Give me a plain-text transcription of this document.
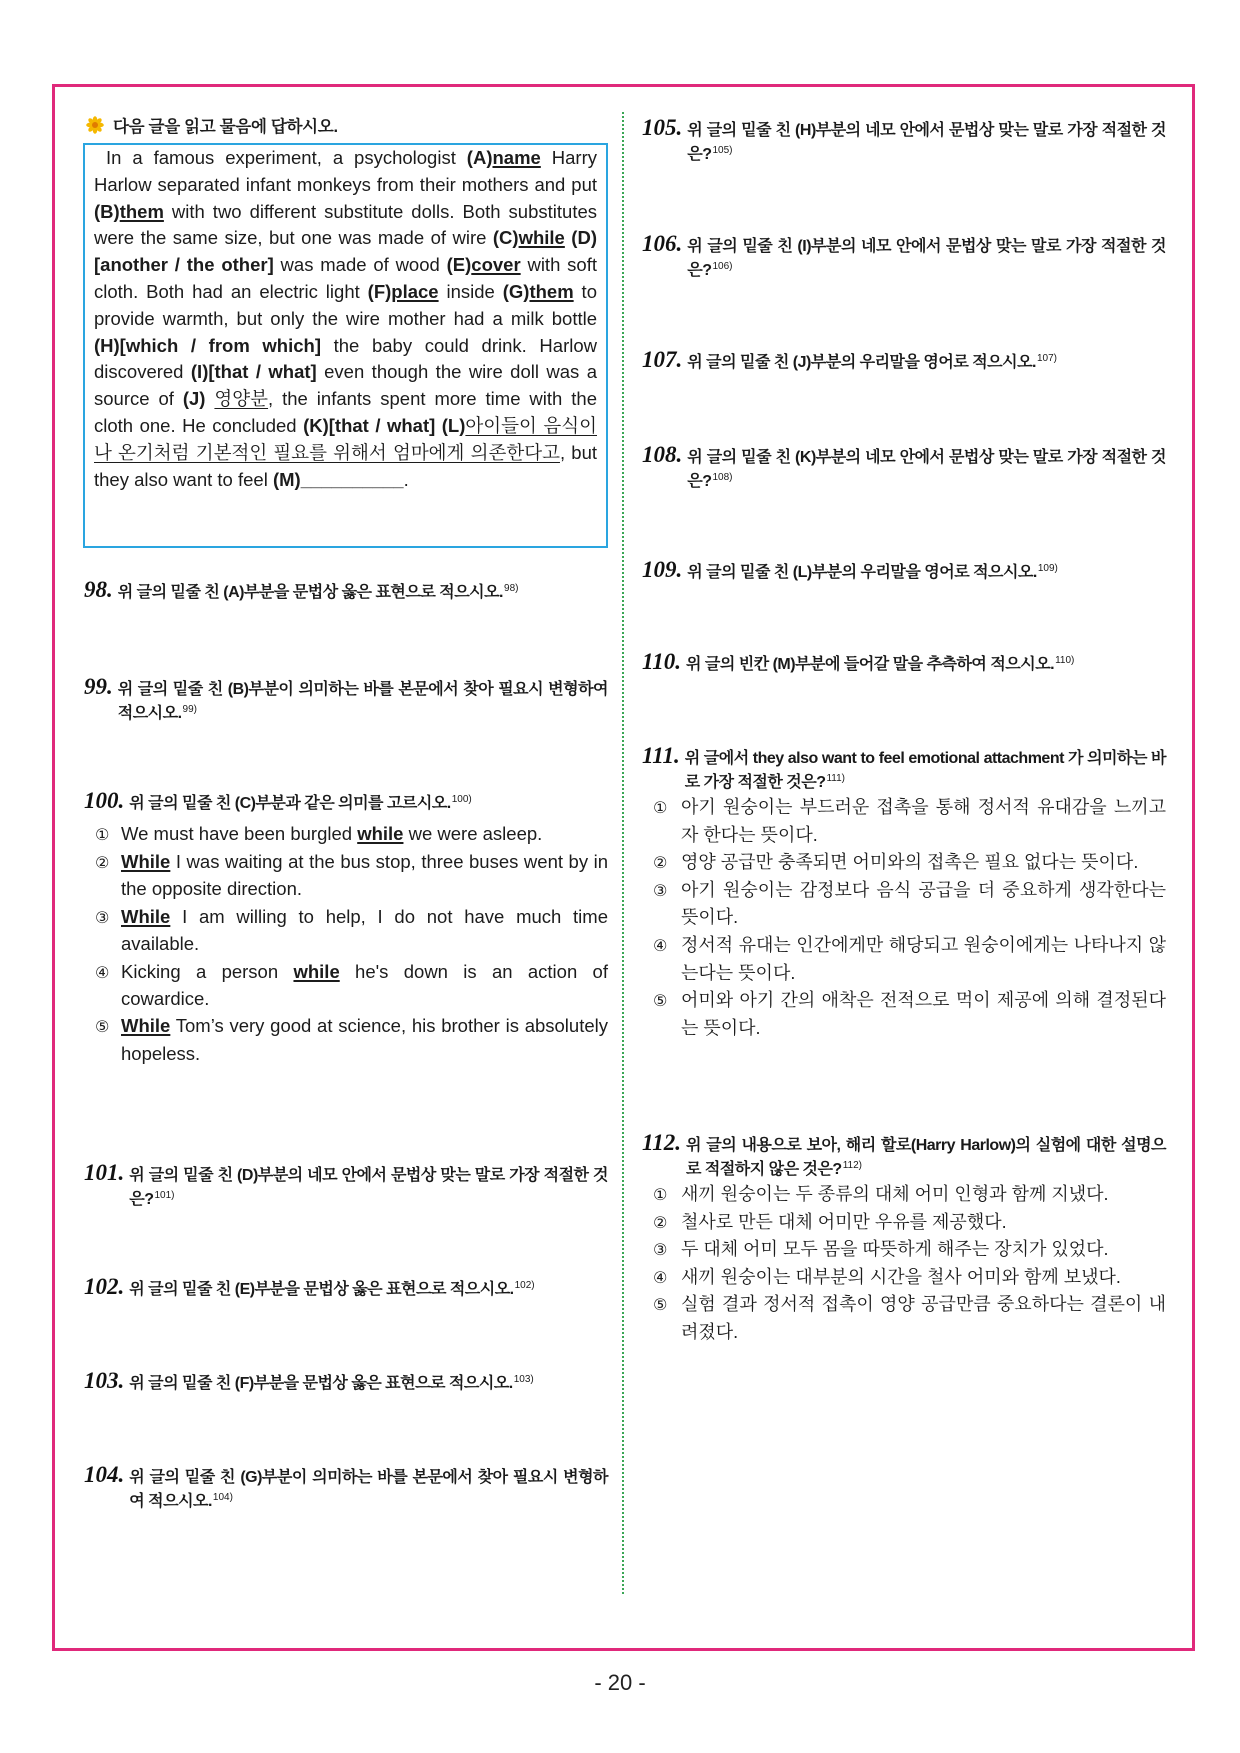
다음 글을 읽고 물음에 답하시오.
In a famous experiment, a psychologist (A)name Harry Harlow separated infant monkeys from their mothers and put (B)them with two different substitute dolls. Both substitutes were the same size, but one was made of wire (C)while (D)[another / the other] was made of wood (E)cover with soft cloth. Both had an electric light (F)place inside (G)them to provide warmth, but only the wire mother had a milk bottle (H)[which / from which] the baby could drink. Harlow discovered (I)[that / what] even though the wire doll was a source of (J) 영양분, the infants spent more time with the cloth one. He concluded (K)[that / what] (L)아이들이 음식이나 온기처럼 기본적인 필요를 위해서 엄마에게 의존한다고, but they also want to feel (M)__________.
98. 위 글의 밑줄 친 (A)부분을 문법상 옳은 표현으로 적으시오.$^{98)}$
99. 위 글의 밑줄 친 (B)부분이 의미하는 바를 본문에서 찾아 필요시 변형하여 적으시오.$^{99)}$
100. 위 글의 밑줄 친 (C)부분과 같은 의미를 고르시오.$^{100)}$
① We must have been burgled while we were asleep.
② While I was waiting at the bus stop, three buses went by in the opposite direction.
③ While I am willing to help, I do not have much time available.
④ Kicking a person while he's down is an action of cowardice.
⑤ While Tom’s very good at science, his brother is absolutely hopeless.
101. 위 글의 밑줄 친 (D)부분의 네모 안에서 문법상 맞는 말로 가장 적절한 것은?$^{101)}$
102. 위 글의 밑줄 친 (E)부분을 문법상 옳은 표현으로 적으시오.$^{102)}$
103. 위 글의 밑줄 친 (F)부분을 문법상 옳은 표현으로 적으시오.$^{103)}$
104. 위 글의 밑줄 친 (G)부분이 의미하는 바를 본문에서 찾아 필요시 변형하여 적으시오.$^{104)}$
105. 위 글의 밑줄 친 (H)부분의 네모 안에서 문법상 맞는 말로 가장 적절한 것은?$^{105)}$
106. 위 글의 밑줄 친 (I)부분의 네모 안에서 문법상 맞는 말로 가장 적절한 것은?$^{106)}$
107. 위 글의 밑줄 친 (J)부분의 우리말을 영어로 적으시오.$^{107)}$
108. 위 글의 밑줄 친 (K)부분의 네모 안에서 문법상 맞는 말로 가장 적절한 것은?$^{108)}$
109. 위 글의 밑줄 친 (L)부분의 우리말을 영어로 적으시오.$^{109)}$
110. 위 글의 빈칸 (M)부분에 들어갈 말을 추측하여 적으시오.$^{110)}$
111. 위 글에서 they also want to feel emotional attachment 가 의미하는 바로 가장 적절한 것은?$^{111)}$
① 아기 원숭이는 부드러운 접촉을 통해 정서적 유대감을 느끼고자 한다는 뜻이다.
② 영양 공급만 충족되면 어미와의 접촉은 필요 없다는 뜻이다.
③ 아기 원숭이는 감정보다 음식 공급을 더 중요하게 생각한다는 뜻이다.
④ 정서적 유대는 인간에게만 해당되고 원숭이에게는 나타나지 않는다는 뜻이다.
⑤ 어미와 아기 간의 애착은 전적으로 먹이 제공에 의해 결정된다는 뜻이다.
112. 위 글의 내용으로 보아, 해리 할로(Harry Harlow)의 실험에 대한 설명으로 적절하지 않은 것은?$^{112)}$
① 새끼 원숭이는 두 종류의 대체 어미 인형과 함께 지냈다.
② 철사로 만든 대체 어미만 우유를 제공했다.
③ 두 대체 어미 모두 몸을 따뜻하게 해주는 장치가 있었다.
④ 새끼 원숭이는 대부분의 시간을 철사 어미와 함께 보냈다.
⑤ 실험 결과 정서적 접촉이 영양 공급만큼 중요하다는 결론이 내려졌다.
- 20 -
